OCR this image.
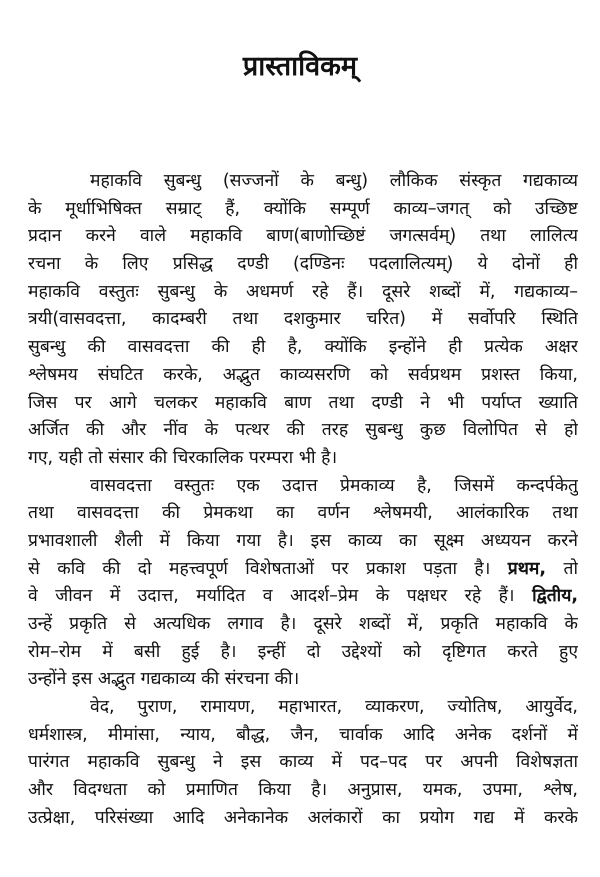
प्रास्ताविकम्
महाकवि सुबन्धु (सज्जनों के बन्धु) लौकिक संस्कृत गद्यकाव्य
के मूर्धाभिषिक्त सम्राट् हैं, क्योंकि सम्पूर्ण काव्य–जगत् को उच्छिष्ट
प्रदान करने वाले महाकवि बाण(बाणोच्छिष्टं जगत्सर्वम्) तथा लालित्य
रचना के लिए प्रसिद्ध दण्डी (दण्डिनः पदलालित्यम्) ये दोनों ही
महाकवि वस्तुतः सुबन्धु के अधमर्ण रहे हैं। दूसरे शब्दों में, गद्यकाव्य–
त्रयी(वासवदत्ता, कादम्बरी तथा दशकुमार चरित) में सर्वोपरि स्थिति
सुबन्धु की वासवदत्ता की ही है, क्योंकि इन्होंने ही प्रत्येक अक्षर
श्लेषमय संघटित करके, अद्भुत काव्यसरणि को सर्वप्रथम प्रशस्त किया,
जिस पर आगे चलकर महाकवि बाण तथा दण्डी ने भी पर्याप्त ख्याति
अर्जित की और नींव के पत्थर की तरह सुबन्धु कुछ विलोपित से हो
गए, यही तो संसार की चिरकालिक परम्परा भी है।
वासवदत्ता वस्तुतः एक उदात्त प्रेमकाव्य है, जिसमें कन्दर्पकेतु
तथा वासवदत्ता की प्रेमकथा का वर्णन श्लेषमयी, आलंकारिक तथा
प्रभावशाली शैली में किया गया है। इस काव्य का सूक्ष्म अध्ययन करने
से कवि की दो महत्त्वपूर्ण विशेषताओं पर प्रकाश पड़ता है। प्रथम, तो
वे जीवन में उदात्त, मर्यादित व आदर्श–प्रेम के पक्षधर रहे हैं। द्वितीय,
उन्हें प्रकृति से अत्यधिक लगाव है। दूसरे शब्दों में, प्रकृति महाकवि के
रोम–रोम में बसी हुई है। इन्हीं दो उद्देश्यों को दृष्टिगत करते हुए
उन्होंने इस अद्भुत गद्यकाव्य की संरचना की।
वेद, पुराण, रामायण, महाभारत, व्याकरण, ज्योतिष, आयुर्वेद,
धर्मशास्त्र, मीमांसा, न्याय, बौद्ध, जैन, चार्वाक आदि अनेक दर्शनों में
पारंगत महाकवि सुबन्धु ने इस काव्य में पद–पद पर अपनी विशेषज्ञता
और विदग्धता को प्रमाणित किया है। अनुप्रास, यमक, उपमा, श्लेष,
उत्प्रेक्षा, परिसंख्या आदि अनेकानेक अलंकारों का प्रयोग गद्य में करके
